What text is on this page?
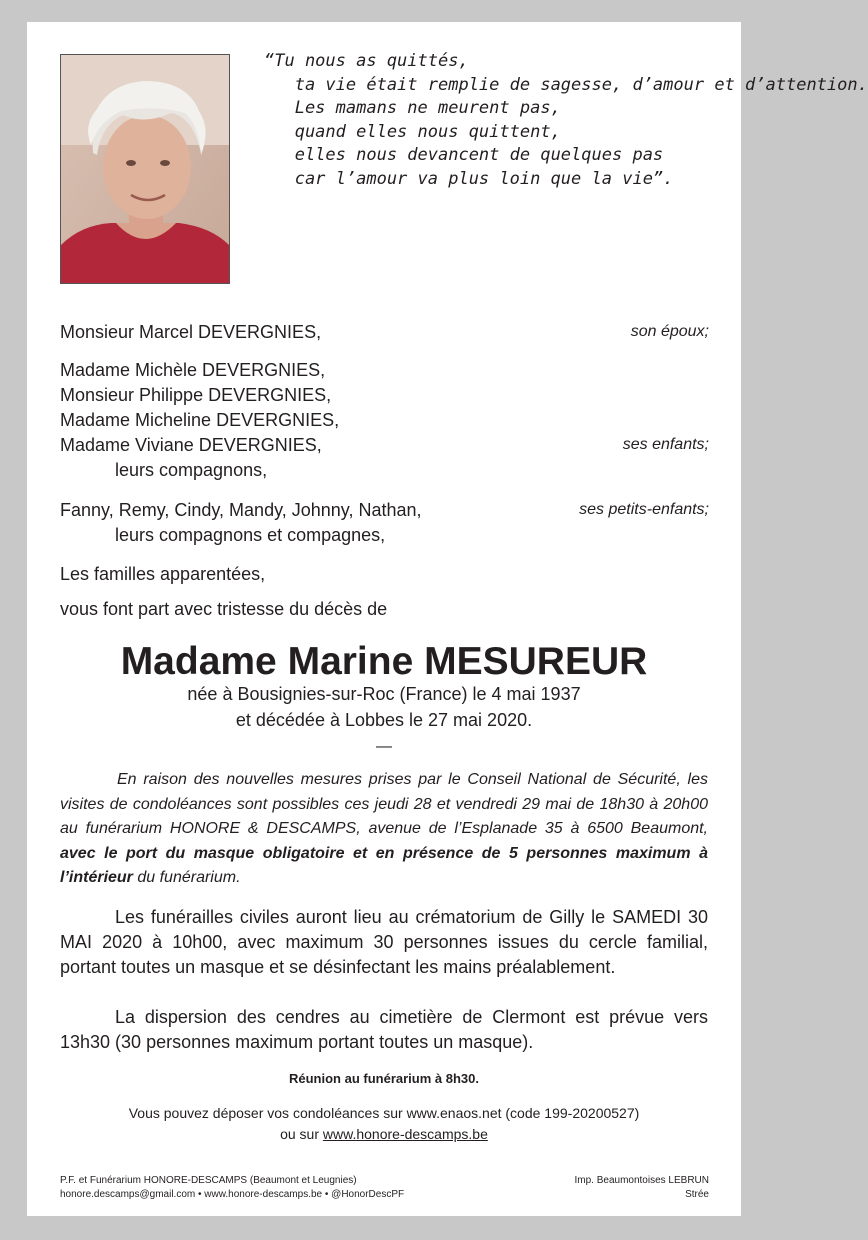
“Tu nous as quittés,
ta vie était remplie de sagesse, d’amour et d’attention.
Les mamans ne meurent pas,
quand elles nous quittent,
elles nous devancent de quelques pas
car l’amour va plus loin que la vie”.
Monsieur Marcel DEVERGNIES,	son époux;
Madame Michèle DEVERGNIES,
Monsieur Philippe DEVERGNIES,
Madame Micheline DEVERGNIES,
Madame Viviane DEVERGNIES,
leurs compagnons,
ses enfants;
Fanny, Remy, Cindy, Mandy, Johnny, Nathan,	ses petits-enfants;
leurs compagnons et compagnes,
Les familles apparentées,
vous font part avec tristesse du décès de
Madame Marine MESUREUR
née à Bousignies-sur-Roc (France) le 4 mai 1937
et décédée à Lobbes le 27 mai 2020.
—
En raison des nouvelles mesures prises par le Conseil National de Sécurité, les visites de condoléances sont possibles ces jeudi 28 et vendredi 29 mai de 18h30 à 20h00 au funérarium HONORE & DESCAMPS, avenue de l’Esplanade 35 à 6500 Beaumont, avec le port du masque obligatoire et en présence de 5 personnes maximum à l’intérieur du funérarium.
Les funérailles civiles auront lieu au crématorium de Gilly le SAMEDI 30 MAI 2020 à 10h00, avec maximum 30 personnes issues du cercle familial, portant toutes un masque et se désinfectant les mains préalablement.
La dispersion des cendres au cimetière de Clermont est prévue vers 13h30 (30 personnes maximum portant toutes un masque).
Réunion au funérarium à 8h30.
Vous pouvez déposer vos condoléances sur www.enaos.net (code 199-20200527)
ou sur www.honore-descamps.be
P.F. et Funérarium HONORE-DESCAMPS (Beaumont et Leugnies)
honore.descamps@gmail.com • www.honore-descamps.be • @HonorDescPF
Imp. Beaumontoises LEBRUN
Strée
